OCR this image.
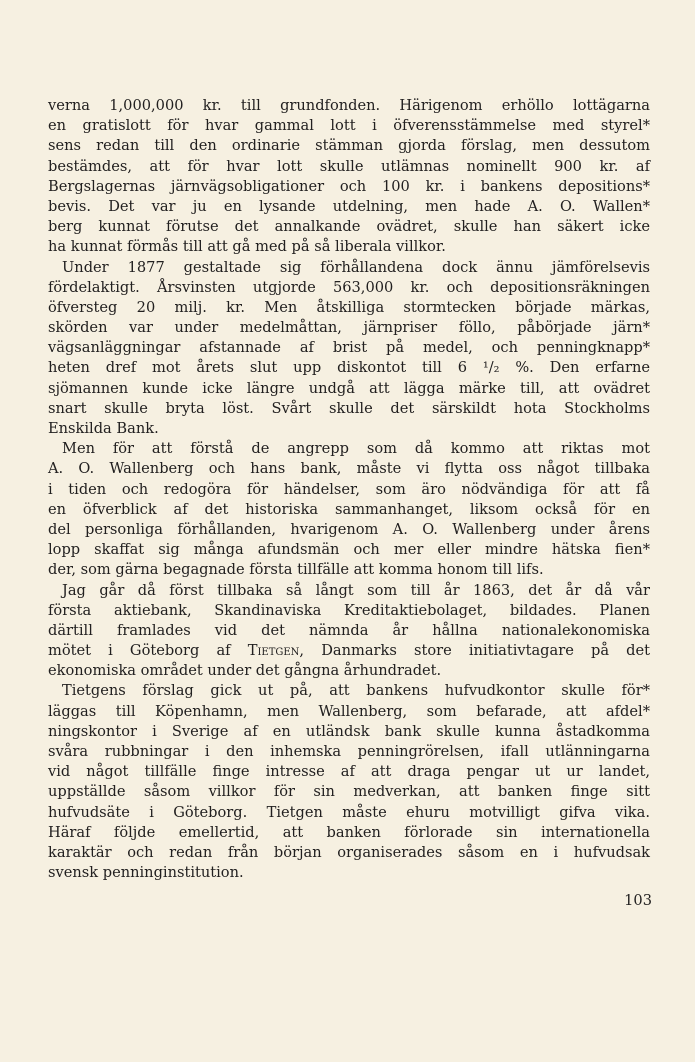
verna 1,000,000 kr. till grundfonden. Härigenom erhöllo lottägarna
en gratislott för hvar gammal lott i öfverensstämmelse med styrel*
sens redan till den ordinarie stämman gjorda förslag, men dessutom
bestämdes, att för hvar lott skulle utlämnas nominellt 900 kr. af
Bergslagernas järnvägsobligationer och 100 kr. i bankens depositions*
bevis. Det var ju en lysande utdelning, men hade A. O. Wallen*
berg kunnat förutse det annalkande ovädret, skulle han säkert icke
ha kunnat förmås till att gå med på så liberala villkor.
Under 1877 gestaltade sig förhållandena dock ännu jämförelsevis
fördelaktigt. Årsvinsten utgjorde 563,000 kr. och depositionsräkningen
öfversteg 20 milj. kr. Men åtskilliga stormtecken började märkas,
skörden var under medelmåttan, järnpriser föllo, påbörjade järn*
vägsanläggningar afstannade af brist på medel, och penningknapp*
heten dref mot årets slut upp diskontot till 6 ¹/₂ %. Den erfarne
sjömannen kunde icke längre undgå att lägga märke till, att ovädret
snart skulle bryta löst. Svårt skulle det särskildt hota Stockholms
Enskilda Bank.
Men för att förstå de angrepp som då kommo att riktas mot
A. O. Wallenberg och hans bank, måste vi flytta oss något tillbaka
i tiden och redogöra för händelser, som äro nödvändiga för att få
en öfverblick af det historiska sammanhanget, liksom också för en
del personliga förhållanden, hvarigenom A. O. Wallenberg under årens
lopp skaffat sig många afundsmän och mer eller mindre hätska fien*
der, som gärna begagnade första tillfälle att komma honom till lifs.
Jag går då först tillbaka så långt som till år 1863, det år då vår
första aktiebank, Skandinaviska Kreditaktiebolaget, bildades. Planen
därtill framlades vid det nämnda år hållna nationalekonomiska
mötet i Göteborg af Tietgen, Danmarks store initiativtagare på det
ekonomiska området under det gångna århundradet.
Tietgens förslag gick ut på, att bankens hufvudkontor skulle för*
läggas till Köpenhamn, men Wallenberg, som befarade, att afdel*
ningskontor i Sverige af en utländsk bank skulle kunna åstadkomma
svåra rubbningar i den inhemska penningrörelsen, ifall utlänningarna
vid något tillfälle finge intresse af att draga pengar ut ur landet,
uppställde såsom villkor för sin medverkan, att banken finge sitt
hufvudsäte i Göteborg. Tietgen måste ehuru motvilligt gifva vika.
Häraf följde emellertid, att banken förlorade sin internationella
karaktär och redan från början organiserades såsom en i hufvudsak
svensk penninginstitution.
103
